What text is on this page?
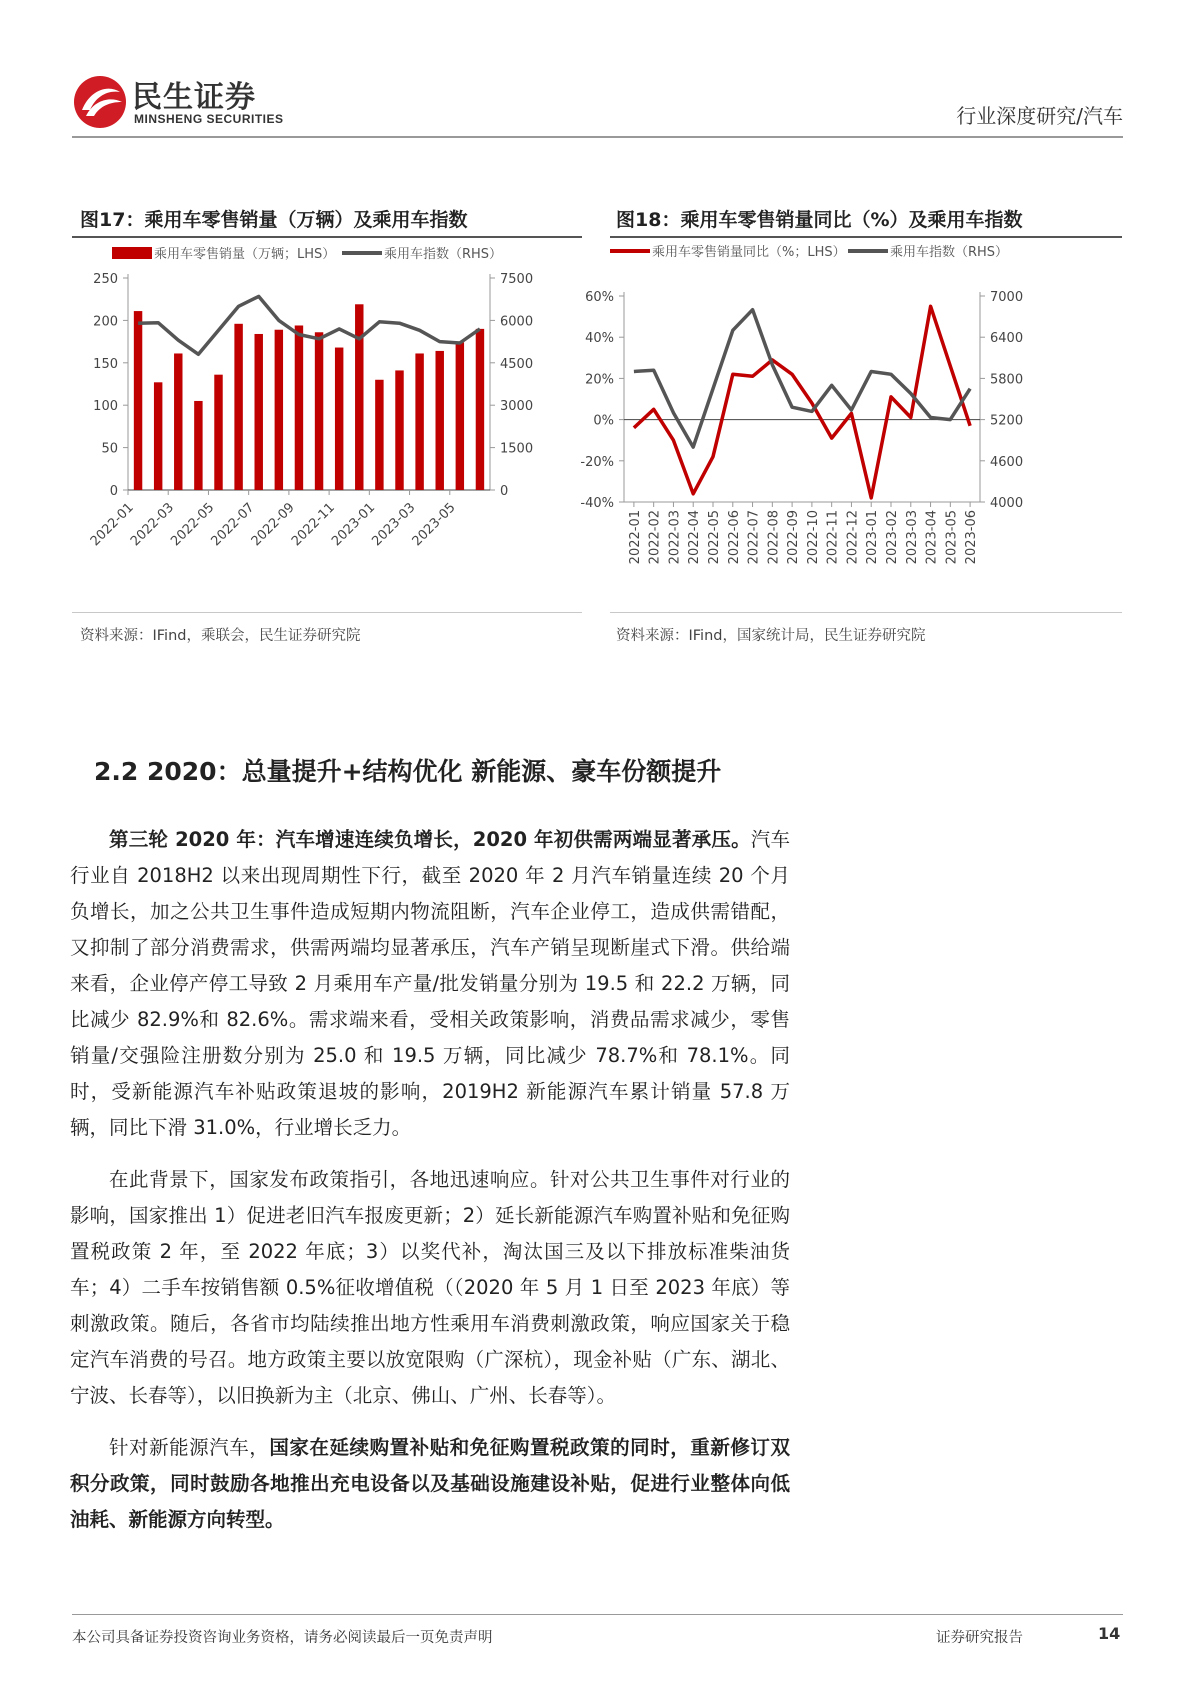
民生证券
MINSHENG SECURITIES	行业深度研究/汽车
图17：乘用车零售销量（万辆）及乘用车指数
乘用车零售销量（万辆；LHS）	乘用车指数（RHS）
0
50
100
150
200
250
0
1500
3000
4500
6000
7500
2022-01
2022-03
2022-05
2022-07
2022-09
2022-11
2023-01
2023-03
2023-05
资料来源：IFind，乘联会，民生证券研究院
图18：乘用车零售销量同比（%）及乘用车指数
乘用车零售销量同比（%；LHS）	乘用车指数（RHS）
-40%
-20%
0%
20%
40%
60%
4000
4600
5200
5800
6400
7000
2022-01 2022-02 2022-03 2022-04 2022-05 2022-06 2022-07 2022-08 2022-09 2022-10 2022-11 2022-12 2023-01 2023-02 2023-03 2023-04 2023-05 2023-06
资料来源：IFind，国家统计局，民生证券研究院
2.2 2020：总量提升+结构优化 新能源、豪车份额提升
第三轮 2020 年：汽车增速连续负增长，2020 年初供需两端显著承压。汽车行业自 2018H2 以来出现周期性下行，截至 2020 年 2 月汽车销量连续 20 个月负增长，加之公共卫生事件造成短期内物流阻断，汽车企业停工，造成供需错配，又抑制了部分消费需求，供需两端均显著承压，汽车产销呈现断崖式下滑。供给端来看，企业停产停工导致 2 月乘用车产量/批发销量分别为 19.5 和 22.2 万辆，同比减少 82.9%和 82.6%。需求端来看，受相关政策影响，消费品需求减少，零售销量/交强险注册数分别为 25.0 和 19.5 万辆，同比减少 78.7%和 78.1%。同时，受新能源汽车补贴政策退坡的影响，2019H2 新能源汽车累计销量 57.8 万辆，同比下滑 31.0%，行业增长乏力。
在此背景下，国家发布政策指引，各地迅速响应。针对公共卫生事件对行业的影响，国家推出 1）促进老旧汽车报废更新；2）延长新能源汽车购置补贴和免征购置税政策 2 年，至 2022 年底；3）以奖代补，淘汰国三及以下排放标准柴油货车；4）二手车按销售额 0.5%征收增值税（（2020 年 5 月 1 日至 2023 年底）等刺激政策。随后，各省市均陆续推出地方性乘用车消费刺激政策，响应国家关于稳定汽车消费的号召。地方政策主要以放宽限购（广深杭），现金补贴（广东、湖北、宁波、长春等），以旧换新为主（北京、佛山、广州、长春等）。
针对新能源汽车，国家在延续购置补贴和免征购置税政策的同时，重新修订双积分政策，同时鼓励各地推出充电设备以及基础设施建设补贴，促进行业整体向低油耗、新能源方向转型。
本公司具备证券投资咨询业务资格，请务必阅读最后一页免责声明	证券研究报告	14
